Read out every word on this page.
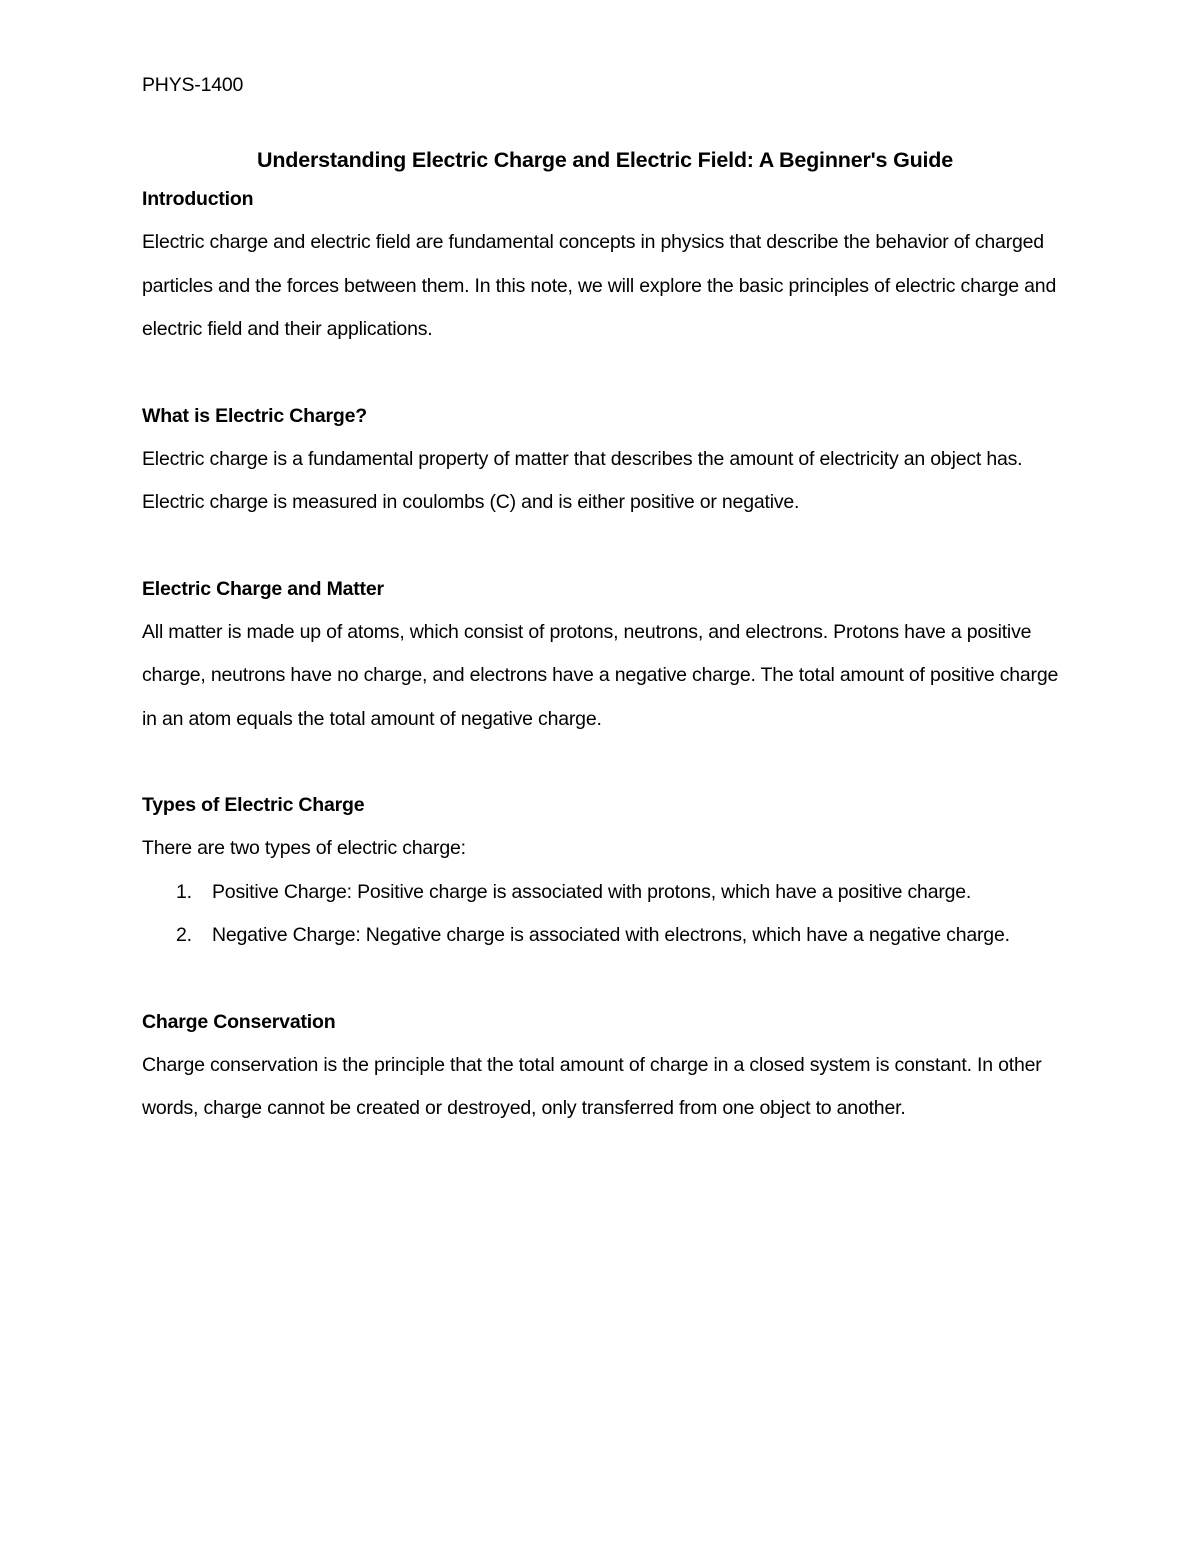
PHYS-1400
Understanding Electric Charge and Electric Field: A Beginner's Guide
Introduction

Electric charge and electric field are fundamental concepts in physics that describe the behavior of charged particles and the forces between them. In this note, we will explore the basic principles of electric charge and electric field and their applications.

What is Electric Charge?

Electric charge is a fundamental property of matter that describes the amount of electricity an object has. Electric charge is measured in coulombs (C) and is either positive or negative.

Electric Charge and Matter

All matter is made up of atoms, which consist of protons, neutrons, and electrons. Protons have a positive charge, neutrons have no charge, and electrons have a negative charge. The total amount of positive charge in an atom equals the total amount of negative charge.

Types of Electric Charge

There are two types of electric charge:

1. Positive Charge: Positive charge is associated with protons, which have a positive charge.
2. Negative Charge: Negative charge is associated with electrons, which have a negative charge.
Charge Conservation

Charge conservation is the principle that the total amount of charge in a closed system is constant. In other words, charge cannot be created or destroyed, only transferred from one object to another.
